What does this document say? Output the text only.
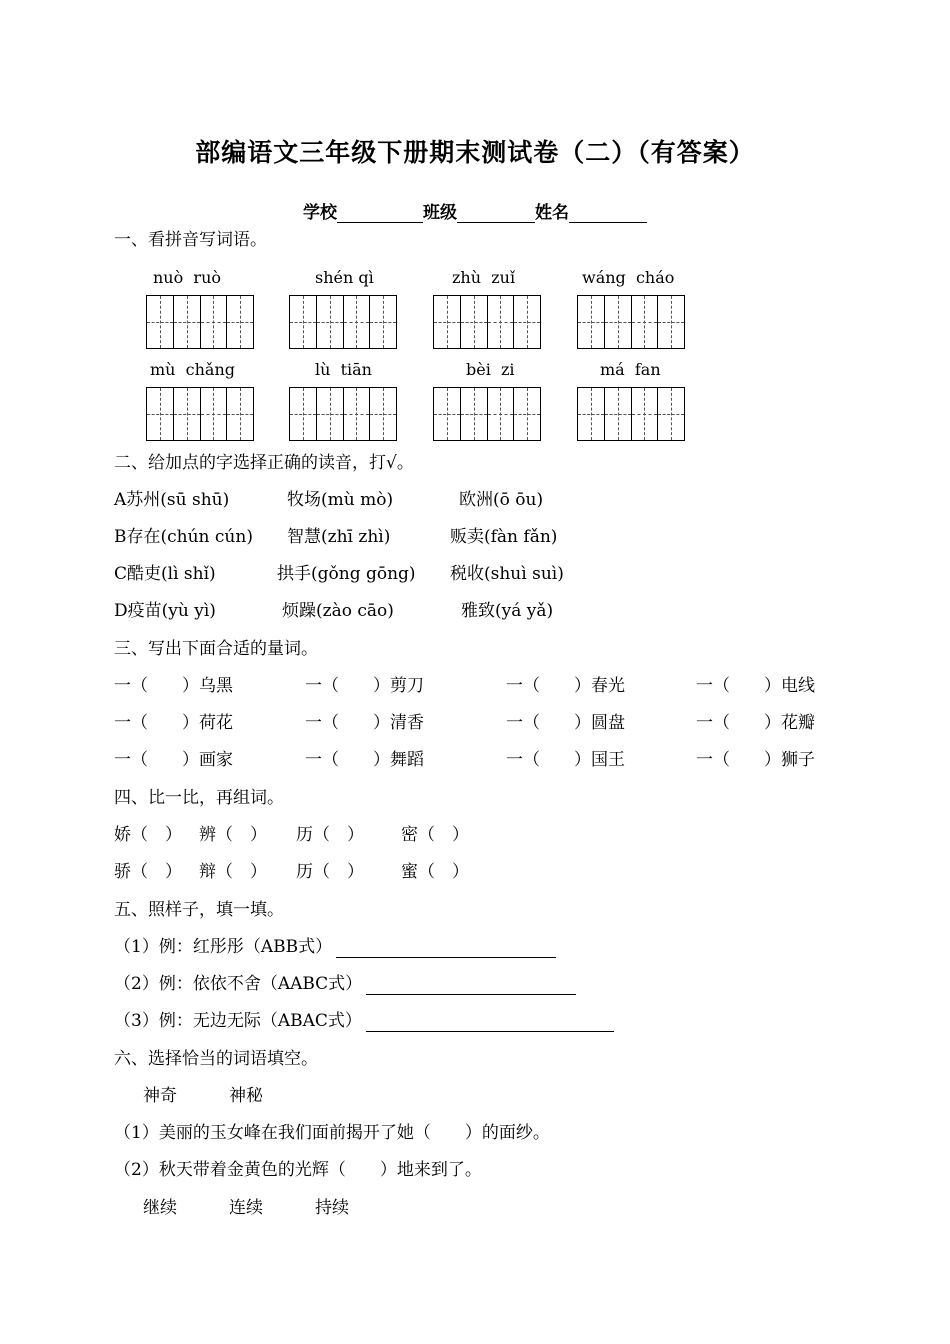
部编语文三年级下册期末测试卷（二）（有答案）
学校	班级	姓名
一、看拼音写词语。
nuò  ruò	shén qì	zhù  zuǐ	wáng  cháo
mù  chǎng	lù  tiān	bèi  zi	má  fan
二、给加点的字选择正确的读音，打√。
A苏州(sū shū)	牧场(mù mò)	欧洲(ō ōu)
B存在(chún cún) 智慧(zhī zhì)	贩卖(fàn fǎn)
C酷吏(lì shǐ)	拱手(gǒng gōng) 税收(shuì suì)
D疫苗(yù yì)	烦躁(zào cāo)	雅致(yá yǎ)
三、写出下面合适的量词。
一（　　）乌黑	一（　　）剪刀	一（　　）春光	一（　　）电线
一（　　）荷花	一（　　）清香	一（　　）圆盘	一（　　）花瓣
一（　　）画家	一（　　）舞蹈	一（　　）国王	一（　　）狮子
四、比一比，再组词。
娇（　） 辨（　） 历（　） 密（　）
骄（　） 辩（　） 历（　） 蜜（　）
五、照样子，填一填。
（1）例：红彤彤（ABB式）
（2）例：依依不舍（AABC式）
（3）例：无边无际（ABAC式）
六、选择恰当的词语填空。
神奇	神秘
（1）美丽的玉女峰在我们面前揭开了她（　　）的面纱。
（2）秋天带着金黄色的光辉（　　）地来到了。
继续	连续	持续
